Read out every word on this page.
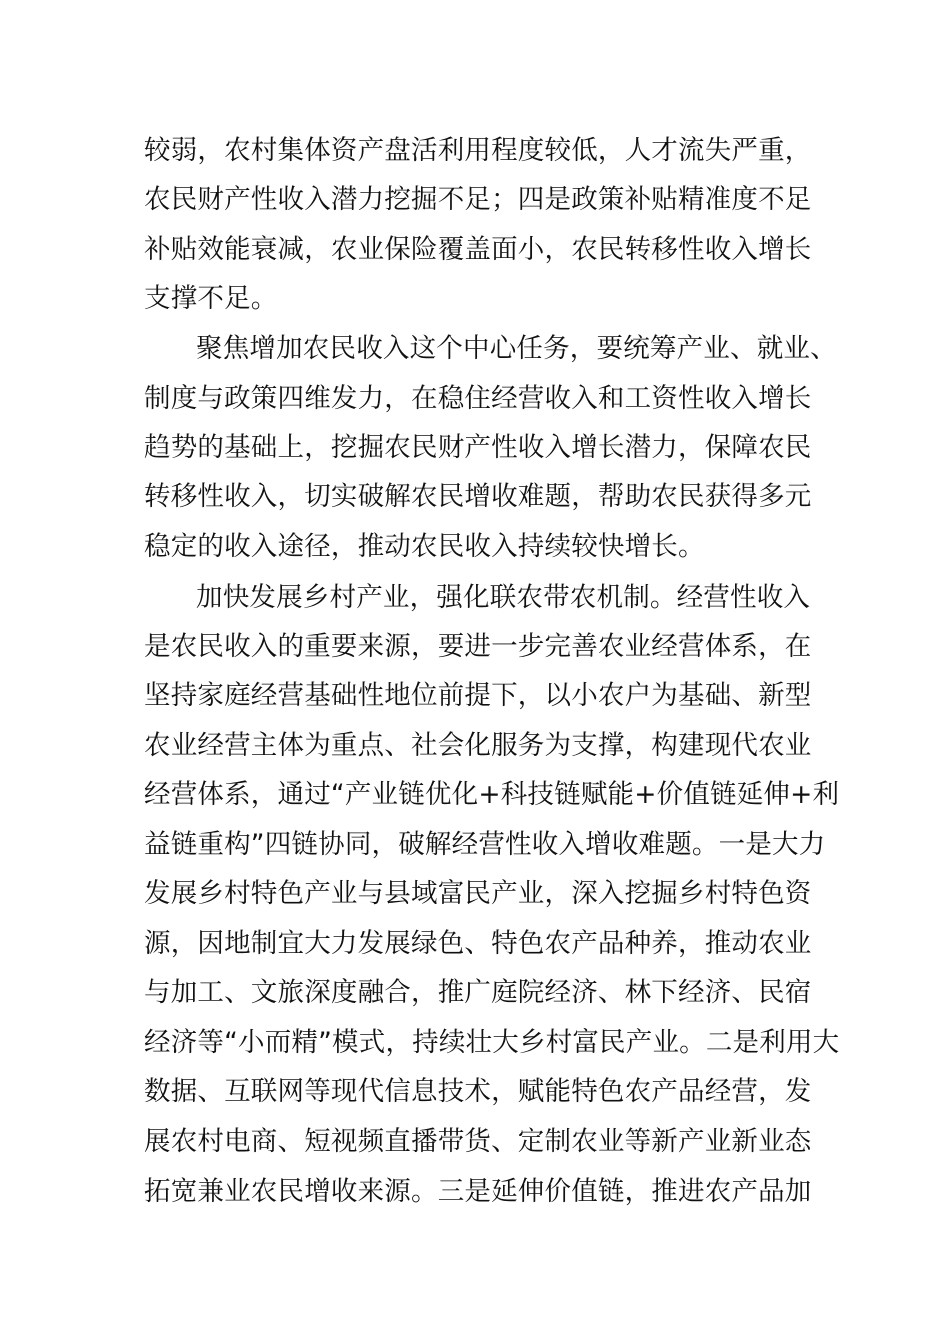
较弱，农村集体资产盘活利用程度较低，人才流失严重，
农民财产性收入潜力挖掘不足；四是政策补贴精准度不足
补贴效能衰减，农业保险覆盖面小，农民转移性收入增长
支撑不足。
聚焦增加农民收入这个中心任务，要统筹产业、就业、
制度与政策四维发力，在稳住经营收入和工资性收入增长
趋势的基础上，挖掘农民财产性收入增长潜力，保障农民
转移性收入，切实破解农民增收难题，帮助农民获得多元
稳定的收入途径，推动农民收入持续较快增长。
加快发展乡村产业，强化联农带农机制。经营性收入
是农民收入的重要来源，要进一步完善农业经营体系，在
坚持家庭经营基础性地位前提下，以小农户为基础、新型
农业经营主体为重点、社会化服务为支撑，构建现代农业
经营体系，通过“产业链优化+科技链赋能+价值链延伸+利
益链重构”四链协同，破解经营性收入增收难题。一是大力
发展乡村特色产业与县域富民产业，深入挖掘乡村特色资
源，因地制宜大力发展绿色、特色农产品种养，推动农业
与加工、文旅深度融合，推广庭院经济、林下经济、民宿
经济等“小而精”模式，持续壮大乡村富民产业。二是利用大
数据、互联网等现代信息技术，赋能特色农产品经营，发
展农村电商、短视频直播带货、定制农业等新产业新业态
拓宽兼业农民增收来源。三是延伸价值链，推进农产品加
